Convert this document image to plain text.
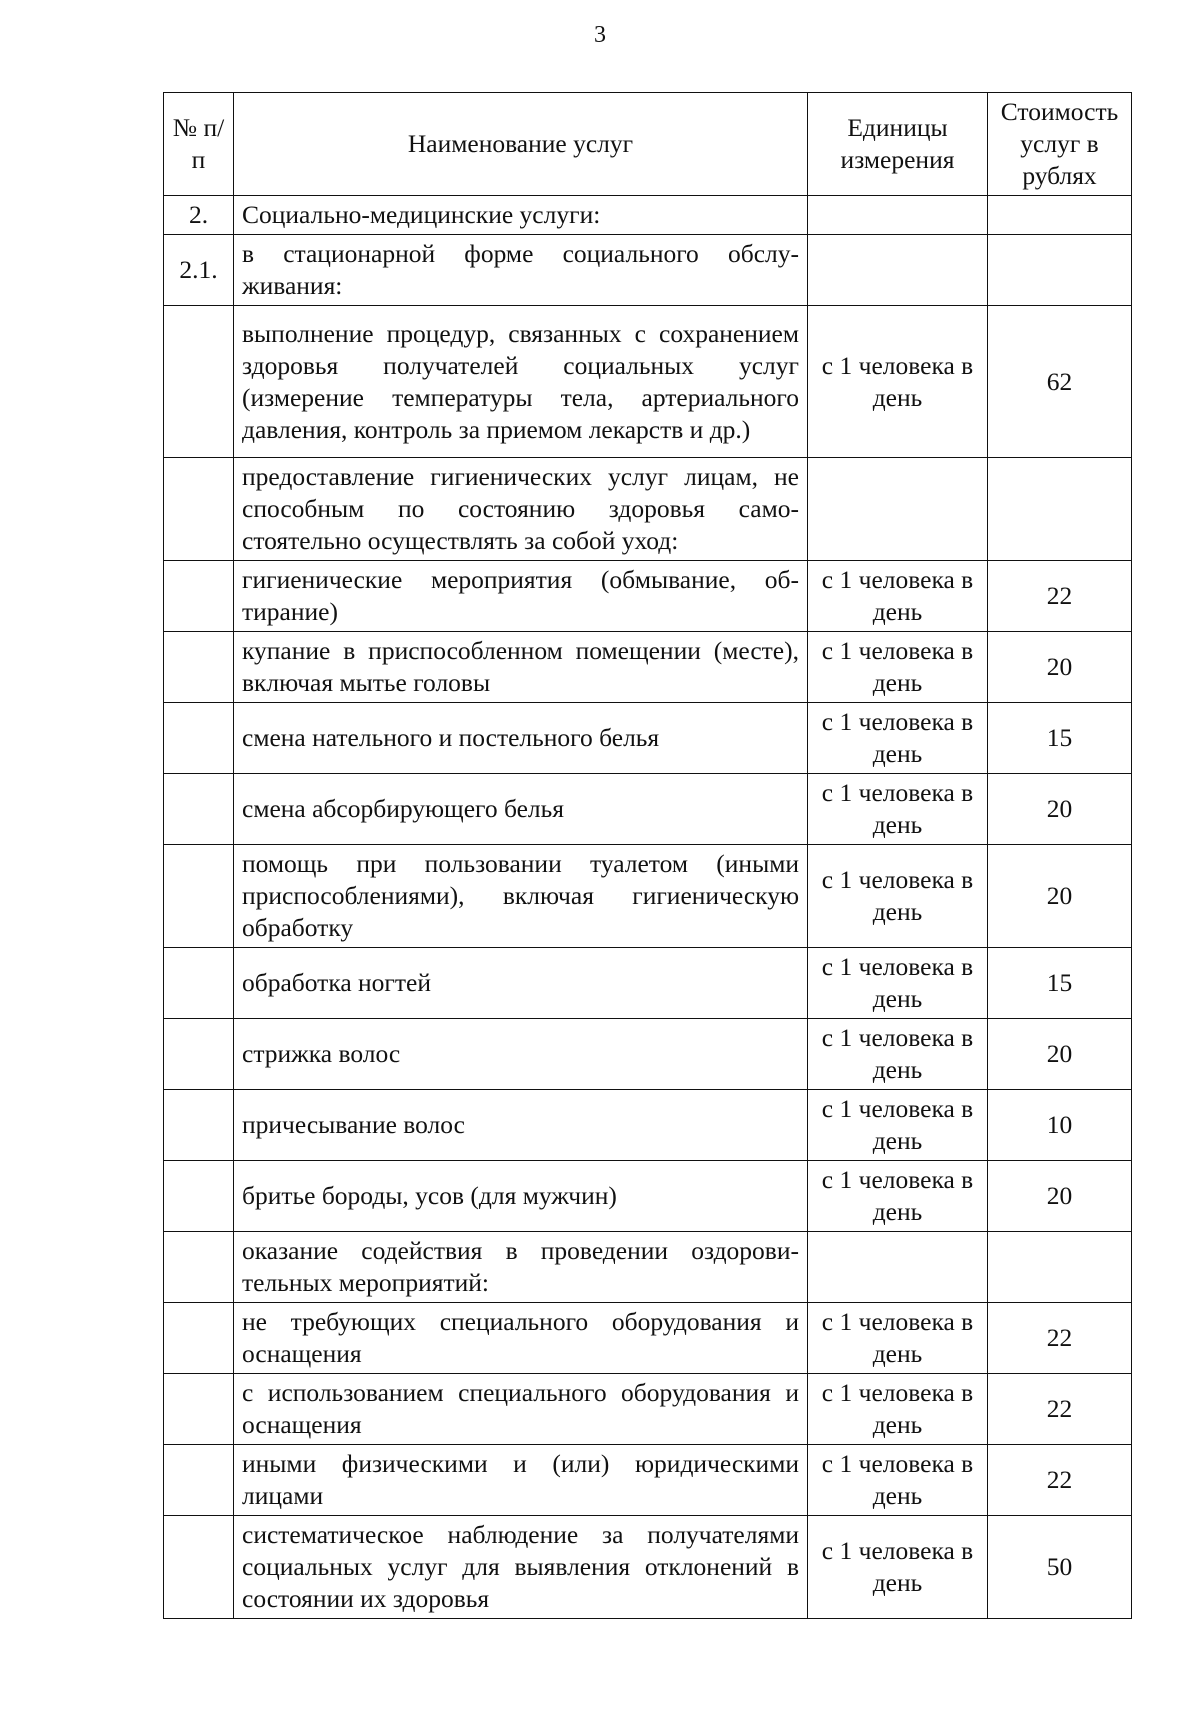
3
№ п/п	Наименование услуг	Единицы измерения	Стоимость услуг в рублях
2.	Социально-медицинские услуги:		
2.1.	в стационарной форме социального обслуживания:		
	выполнение процедур, связанных с сохранением здоровья получателей социальных услуг (измерение температуры тела, артериального давления, контроль за приемом лекарств и др.)	с 1 человека в день	62
	предоставление гигиенических услуг лицам, не способным по состоянию здоровья самостоятельно осуществлять за собой уход:		
	гигиенические мероприятия (обмывание, обтирание)	с 1 человека в день	22
	купание в приспособленном помещении (месте), включая мытье головы	с 1 человека в день	20
	смена нательного и постельного белья	с 1 человека в день	15
	смена абсорбирующего белья	с 1 человека в день	20
	помощь при пользовании туалетом (иными приспособлениями), включая гигиеническую обработку	с 1 человека в день	20
	обработка ногтей	с 1 человека в день	15
	стрижка волос	с 1 человека в день	20
	причесывание волос	с 1 человека в день	10
	бритье бороды, усов (для мужчин)	с 1 человека в день	20
	оказание содействия в проведении оздоровительных мероприятий:		
	не требующих специального оборудования и оснащения	с 1 человека в день	22
	с использованием специального оборудования и оснащения	с 1 человека в день	22
	иными физическими и (или) юридическими лицами	с 1 человека в день	22
	систематическое наблюдение за получателями социальных услуг для выявления отклонений в состоянии их здоровья	с 1 человека в день	50
